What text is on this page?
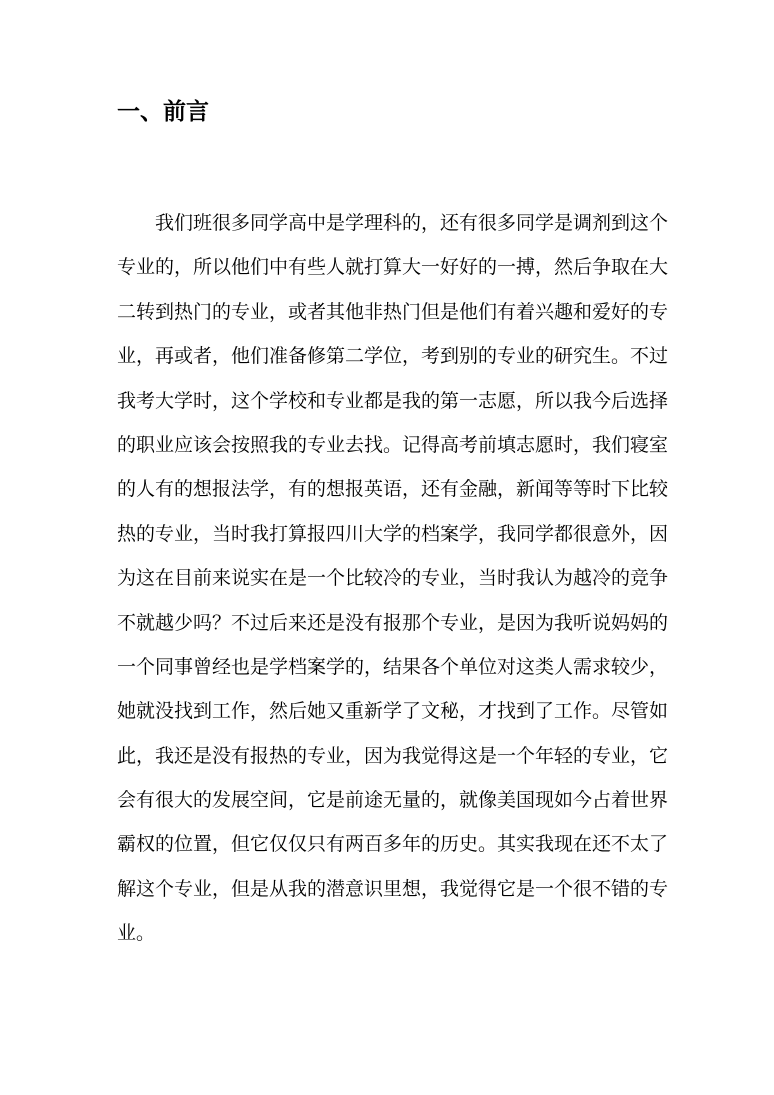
一、前言
我们班很多同学高中是学理科的，还有很多同学是调剂到这个
专业的，所以他们中有些人就打算大一好好的一搏，然后争取在大
二转到热门的专业，或者其他非热门但是他们有着兴趣和爱好的专
业，再或者，他们准备修第二学位，考到别的专业的研究生。不过
我考大学时，这个学校和专业都是我的第一志愿，所以我今后选择
的职业应该会按照我的专业去找。记得高考前填志愿时，我们寝室
的人有的想报法学，有的想报英语，还有金融，新闻等等时下比较
热的专业，当时我打算报四川大学的档案学，我同学都很意外，因
为这在目前来说实在是一个比较冷的专业，当时我认为越冷的竞争
不就越少吗？不过后来还是没有报那个专业，是因为我听说妈妈的
一个同事曾经也是学档案学的，结果各个单位对这类人需求较少，
她就没找到工作，然后她又重新学了文秘，才找到了工作。尽管如
此，我还是没有报热的专业，因为我觉得这是一个年轻的专业，它
会有很大的发展空间，它是前途无量的，就像美国现如今占着世界
霸权的位置，但它仅仅只有两百多年的历史。其实我现在还不太了
解这个专业，但是从我的潜意识里想，我觉得它是一个很不错的专
业。
